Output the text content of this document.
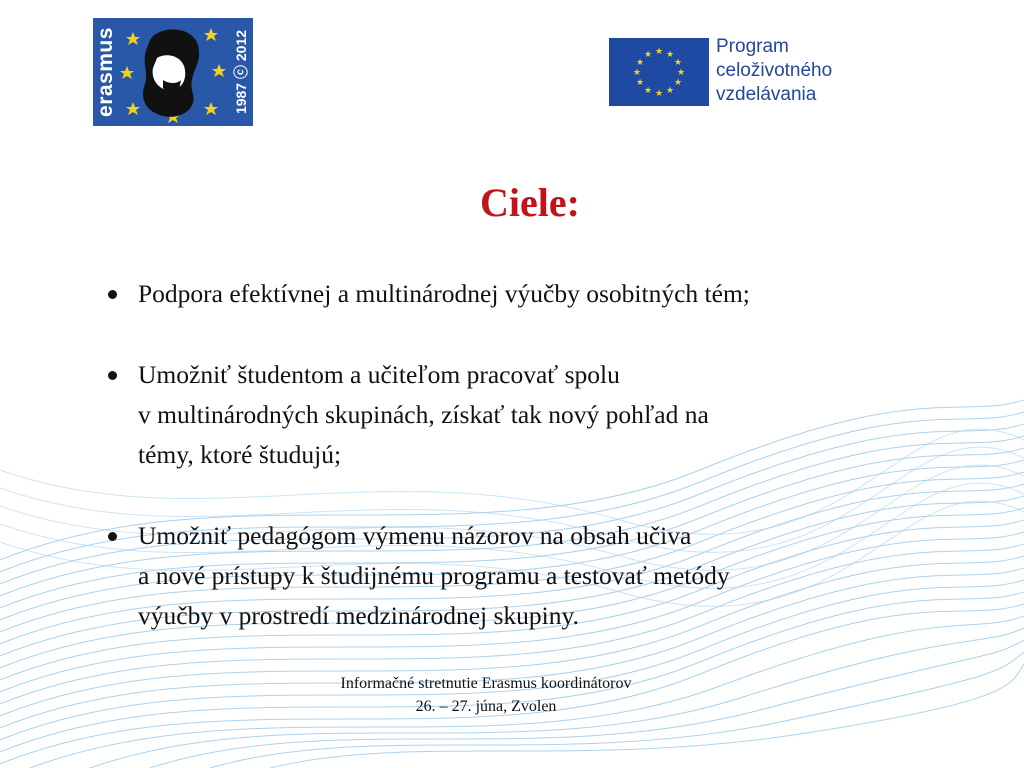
erasmus	1987 ⓒ 2012	★ ★
★
★
★
★
★
★
★
★
★
★	Program
celoživotného
vzdelávania
Ciele:
Podpora efektívnej a multinárodnej výučby osobitných tém;
Umožniť študentom a učiteľom pracovať spolu
v multinárodných skupinách, získať tak nový pohľad na
témy, ktoré študujú;
Umožniť pedagógom výmenu názorov na obsah učiva
a nové prístupy k študijnému programu a testovať metódy
výučby v prostredí medzinárodnej skupiny.
Informačné stretnutie Erasmus koordinátorov
26. – 27. júna, Zvolen
